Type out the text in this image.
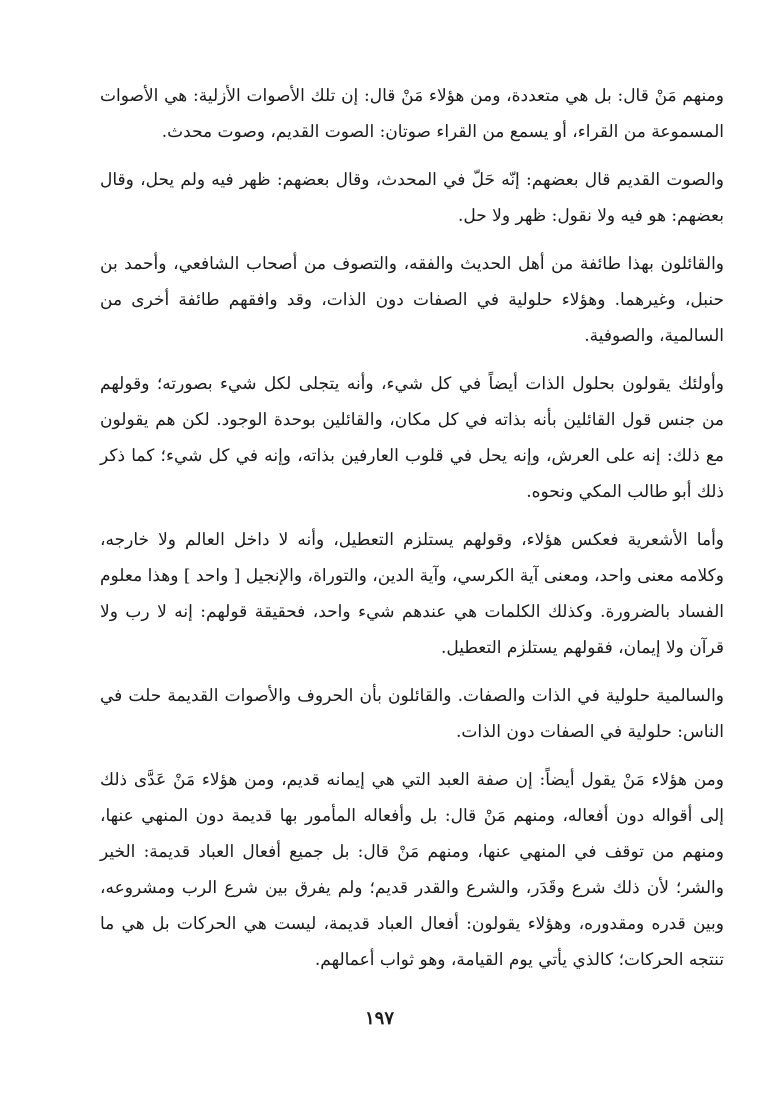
ومنهم مَنْ قال: بل هي متعددة، ومن هؤلاء مَنْ قال: إن تلك الأصوات الأزلية: هي الأصوات المسموعة من القراء، أو يسمع من القراء صوتان: الصوت القديم، وصوت محدث.

والصوت القديم قال بعضهم: إنّه حَلّ في المحدث، وقال بعضهم: ظهر فيه ولم يحل، وقال بعضهم: هو فيه ولا نقول: ظهر ولا حل.

والقائلون بهذا طائفة من أهل الحديث والفقه، والتصوف من أصحاب الشافعي، وأحمد بن حنبل، وغيرهما. وهؤلاء حلولية في الصفات دون الذات، وقد وافقهم طائفة أخرى من السالمية، والصوفية.

وأولئك يقولون بحلول الذات أيضاً في كل شيء، وأنه يتجلى لكل شيء بصورته؛ وقولهم من جنس قول القائلين بأنه بذاته في كل مكان، والقائلين بوحدة الوجود. لكن هم يقولون مع ذلك: إنه على العرش، وإنه يحل في قلوب العارفين بذاته، وإنه في كل شيء؛ كما ذكر ذلك أبو طالب المكي ونحوه.

وأما الأشعرية فعكس هؤلاء، وقولهم يستلزم التعطيل، وأنه لا داخل العالم ولا خارجه، وكلامه معنى واحد، ومعنى آية الكرسي، وآية الدين، والتوراة، والإنجيل [ واحد ] وهذا معلوم الفساد بالضرورة. وكذلك الكلمات هي عندهم شيء واحد، فحقيقة قولهم: إنه لا رب ولا قرآن ولا إيمان، فقولهم يستلزم التعطيل.

والسالمية حلولية في الذات والصفات. والقائلون بأن الحروف والأصوات القديمة حلت في الناس: حلولية في الصفات دون الذات.

ومن هؤلاء مَنْ يقول أيضاً: إن صفة العبد التي هي إيمانه قديم، ومن هؤلاء مَنْ عَدَّى ذلك إلى أقواله دون أفعاله، ومنهم مَنْ قال: بل وأفعاله المأمور بها قديمة دون المنهي عنها، ومنهم من توقف في المنهي عنها، ومنهم مَنْ قال: بل جميع أفعال العباد قديمة: الخير والشر؛ لأن ذلك شرع وقَدَر، والشرع والقدر قديم؛ ولم يفرق بين شرع الرب ومشروعه، وبين قدره ومقدوره، وهؤلاء يقولون: أفعال العباد قديمة، ليست هي الحركات بل هي ما تنتجه الحركات؛ كالذي يأتي يوم القيامة، وهو ثواب أعمالهم.

١٩٧
